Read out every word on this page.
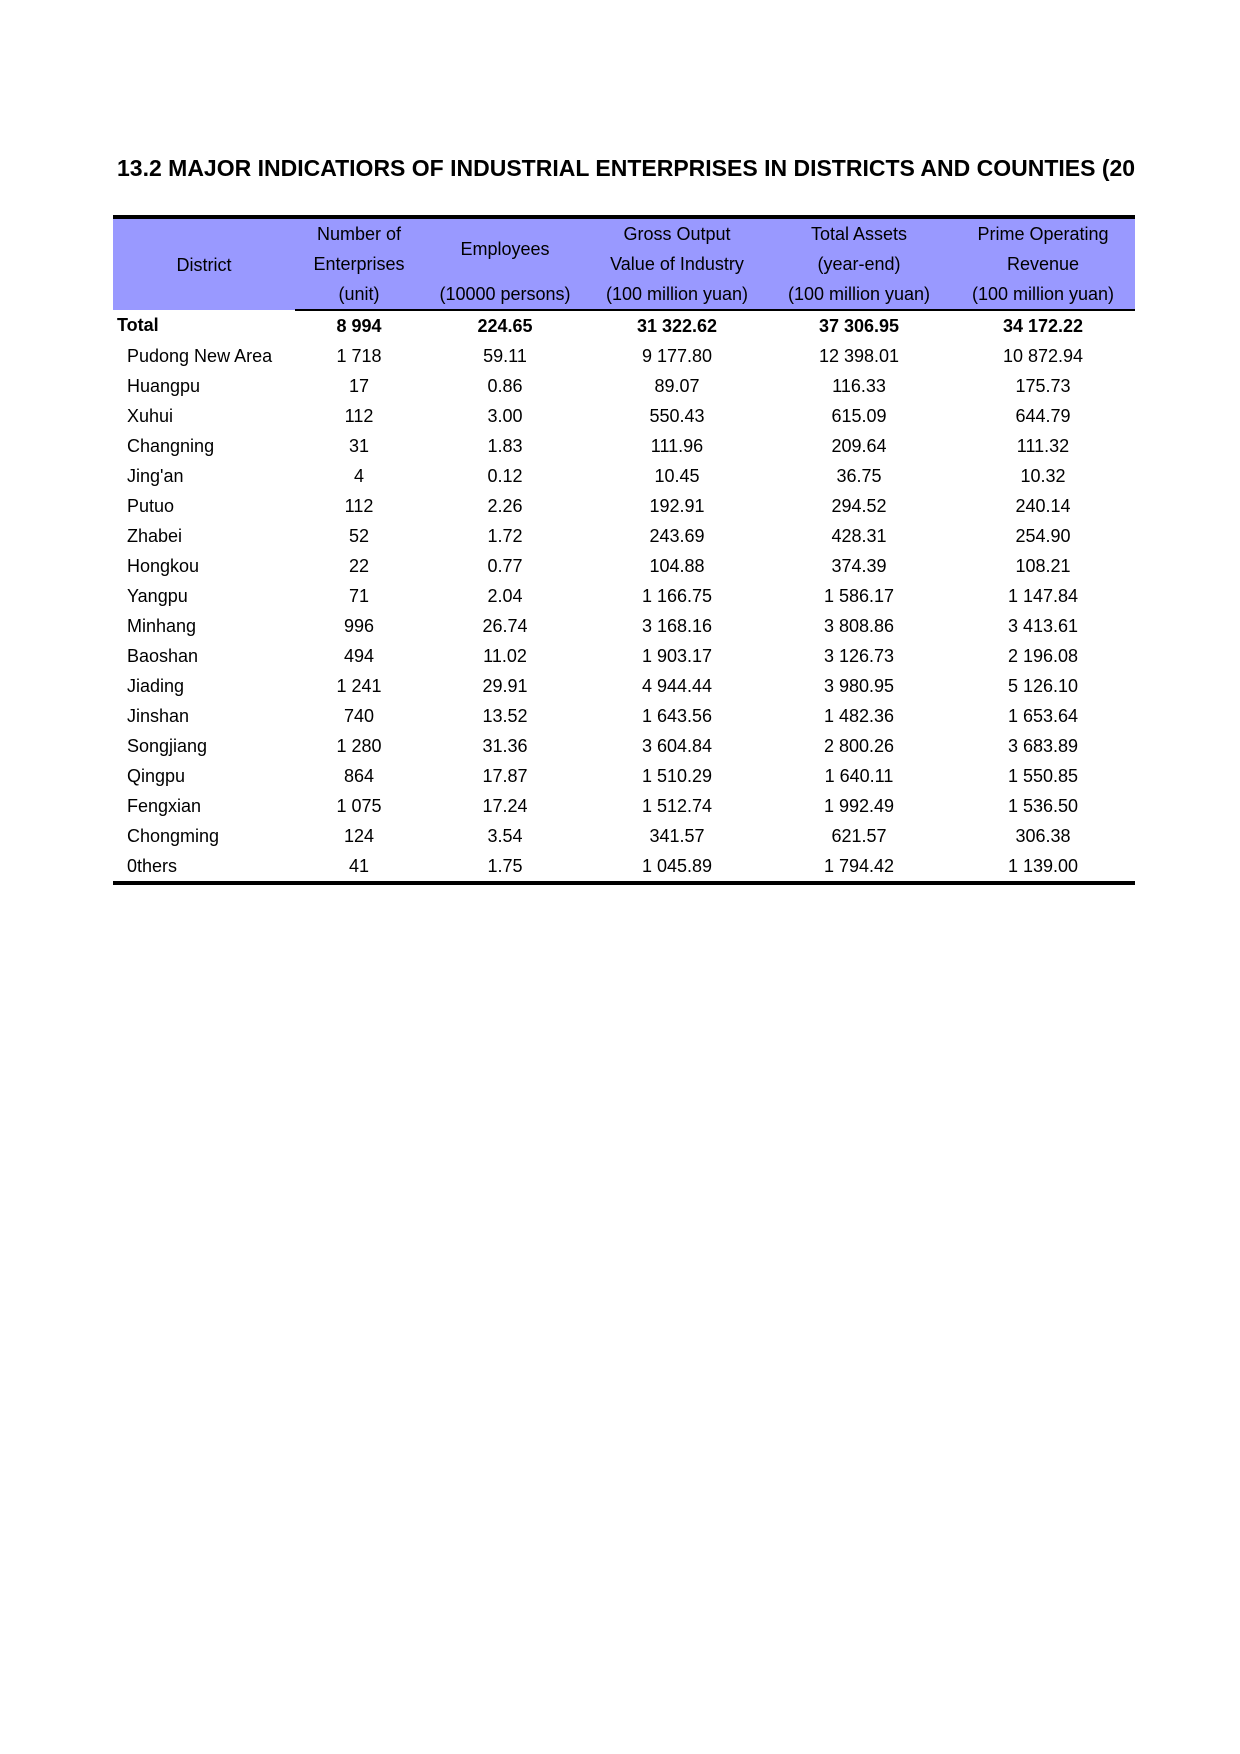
13.2 MAJOR INDICATIORS OF INDUSTRIAL ENTERPRISES IN DISTRICTS AND COUNTIES (20
District	Number of	Employees	Gross Output	Total Assets	Prime Operating
	Enterprises		Value of Industry	(year-end)	Revenue
	(unit)	(10000 persons)	(100 million yuan)	(100 million yuan)	(100 million yuan)
Total	8 994	224.65	31 322.62	37 306.95	34 172.22
Pudong New Area	1 718	59.11	9 177.80	12 398.01	10 872.94
Huangpu	17	0.86	89.07	116.33	175.73
Xuhui	112	3.00	550.43	615.09	644.79
Changning	31	1.83	111.96	209.64	111.32
Jing'an	4	0.12	10.45	36.75	10.32
Putuo	112	2.26	192.91	294.52	240.14
Zhabei	52	1.72	243.69	428.31	254.90
Hongkou	22	0.77	104.88	374.39	108.21
Yangpu	71	2.04	1 166.75	1 586.17	1 147.84
Minhang	996	26.74	3 168.16	3 808.86	3 413.61
Baoshan	494	11.02	1 903.17	3 126.73	2 196.08
Jiading	1 241	29.91	4 944.44	3 980.95	5 126.10
Jinshan	740	13.52	1 643.56	1 482.36	1 653.64
Songjiang	1 280	31.36	3 604.84	2 800.26	3 683.89
Qingpu	864	17.87	1 510.29	1 640.11	1 550.85
Fengxian	1 075	17.24	1 512.74	1 992.49	1 536.50
Chongming	124	3.54	341.57	621.57	306.38
0thers	41	1.75	1 045.89	1 794.42	1 139.00
